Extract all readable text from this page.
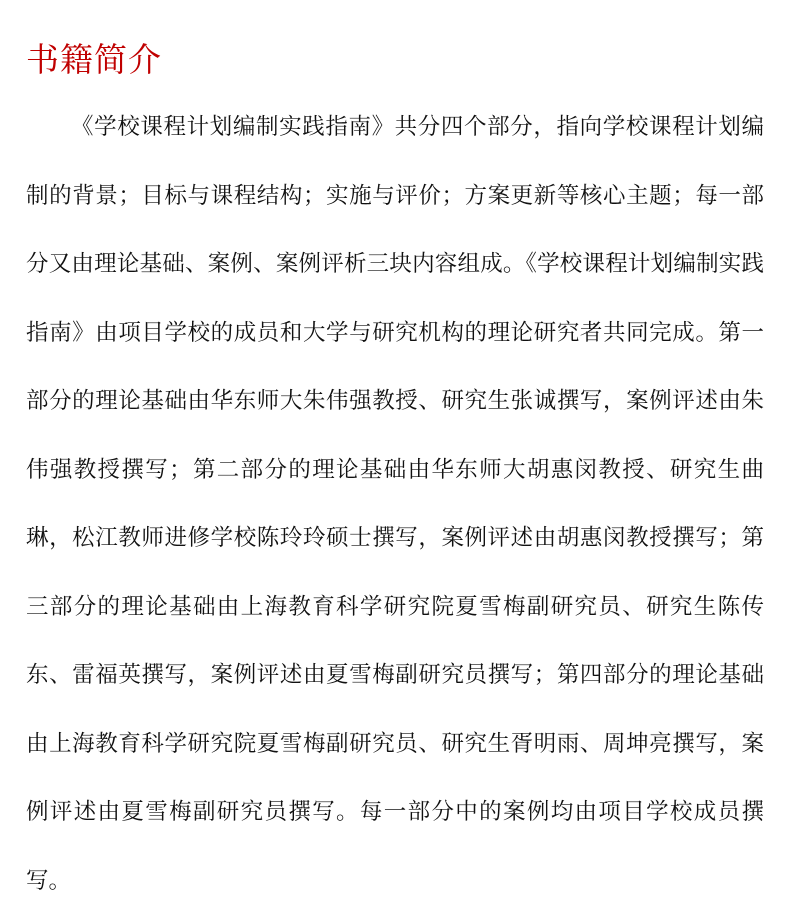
书籍简介

《学校课程计划编制实践指南》共分四个部分，指向学校课程计划编制的背景；目标与课程结构；实施与评价；方案更新等核心主题；每一部分又由理论基础、案例、案例评析三块内容组成。《学校课程计划编制实践指南》由项目学校的成员和大学与研究机构的理论研究者共同完成。第一部分的理论基础由华东师大朱伟强教授、研究生张诚撰写，案例评述由朱伟强教授撰写；第二部分的理论基础由华东师大胡惠闵教授、研究生曲琳，松江教师进修学校陈玲玲硕士撰写，案例评述由胡惠闵教授撰写；第三部分的理论基础由上海教育科学研究院夏雪梅副研究员、研究生陈传东、雷福英撰写，案例评述由夏雪梅副研究员撰写；第四部分的理论基础由上海教育科学研究院夏雪梅副研究员、研究生胥明雨、周坤亮撰写，案例评述由夏雪梅副研究员撰写。每一部分中的案例均由项目学校成员撰写。
